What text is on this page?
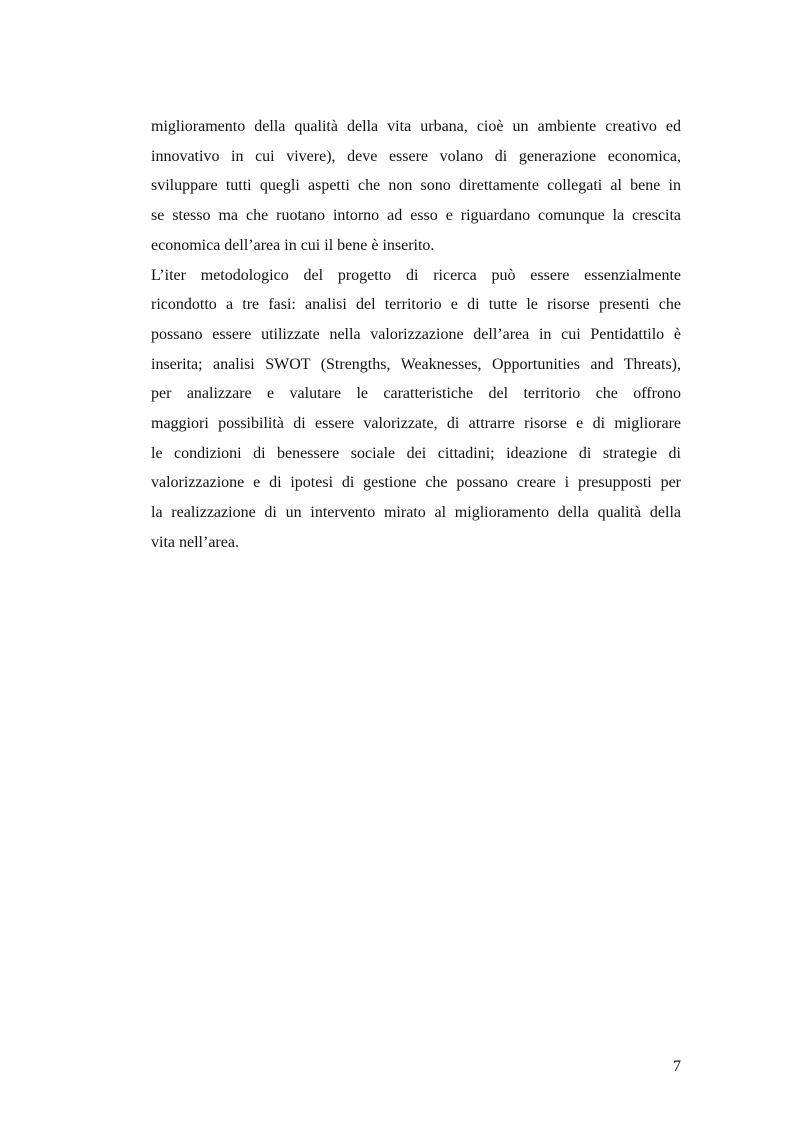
miglioramento della qualità della vita urbana, cioè un ambiente creativo ed
innovativo in cui vivere), deve essere volano di generazione economica,
sviluppare tutti quegli aspetti che non sono direttamente collegati al bene in
se stesso ma che ruotano intorno ad esso e riguardano comunque la crescita
economica dell’area in cui il bene è inserito.
L’iter metodologico del progetto di ricerca può essere essenzialmente
ricondotto a tre fasi: analisi del territorio e di tutte le risorse presenti che
possano essere utilizzate nella valorizzazione dell’area in cui Pentidattilo è
inserita; analisi SWOT (Strengths, Weaknesses, Opportunities and Threats),
per analizzare e valutare le caratteristiche del territorio che offrono
maggiori possibilità di essere valorizzate, di attrarre risorse e di migliorare
le condizioni di benessere sociale dei cittadini; ideazione di strategie di
valorizzazione e di ipotesi di gestione che possano creare i presupposti per
la realizzazione di un intervento mirato al miglioramento della qualità della
vita nell’area.
7
